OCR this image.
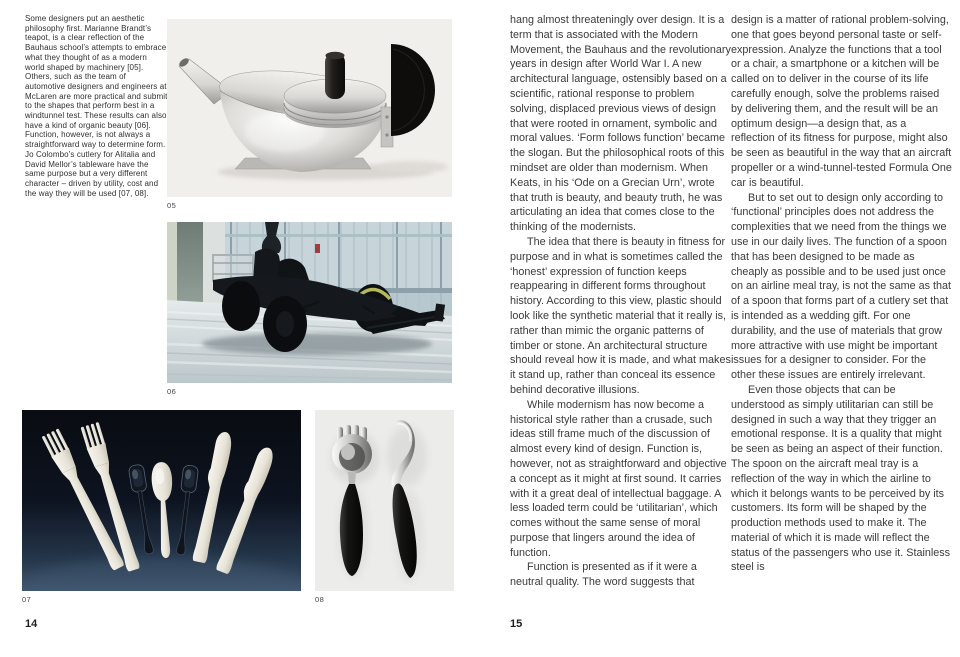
Some designers put an aesthetic philosophy first. Marianne Brandt’s teapot, is a clear reflection of the Bauhaus school’s attempts to embrace what they thought of as a modern world shaped by machinery [05]. Others, such as the team of automotive designers and engineers at McLaren are more practical and submit to the shapes that perform best in a windtunnel test. These results can also have a kind of organic beauty [06]. Function, however, is not always a straightforward way to determine form. Jo Colombo’s cutlery for Alitalia and David Mellor’s tableware have the same purpose but a very different character – driven by utility, cost and the way they will be used [07, 08].
05
06
07	08
14

hang almost threateningly over design. It is a term that is associated with the Modern Movement, the Bauhaus and the revolutionary years in design after World War I. A new architectural language, ostensibly based on a scientific, rational response to problem solving, displaced previous views of design that were rooted in ornament, symbolic and moral values. ‘Form follows function’ became the slogan. But the philosophical roots of this mindset are older than modernism. When Keats, in his ‘Ode on a Grecian Urn’, wrote that truth is beauty, and beauty truth, he was articulating an idea that comes close to the thinking of the modernists.

The idea that there is beauty in fitness for purpose and in what is sometimes called the ‘honest’ expression of function keeps reappearing in different forms throughout history. According to this view, plastic should look like the synthetic material that it really is, rather than mimic the organic patterns of timber or stone. An architectural structure should reveal how it is made, and what makes it stand up, rather than conceal its essence behind decorative illusions.

While modernism has now become a historical style rather than a crusade, such ideas still frame much of the discussion of almost every kind of design. Function is, however, not as straightforward and objective a concept as it might at first sound. It carries with it a great deal of intellectual baggage. A less loaded term could be ‘utilitarian’, which comes without the same sense of moral purpose that lingers around the idea of function.

Function is presented as if it were a neutral quality. The word suggests that

design is a matter of rational problem-solving, one that goes beyond personal taste or self-expression. Analyze the functions that a tool or a chair, a smartphone or a kitchen will be called on to deliver in the course of its life carefully enough, solve the problems raised by delivering them, and the result will be an optimum design—a design that, as a reflection of its fitness for purpose, might also be seen as beautiful in the way that an aircraft propeller or a wind-tunnel-tested Formula One car is beautiful.

But to set out to design only according to ‘functional’ principles does not address the complexities that we need from the things we use in our daily lives. The function of a spoon that has been designed to be made as cheaply as possible and to be used just once on an airline meal tray, is not the same as that of a spoon that forms part of a cutlery set that is intended as a wedding gift. For one durability, and the use of materials that grow more attractive with use might be important issues for a designer to consider. For the other these issues are entirely irrelevant.

Even those objects that can be understood as simply utilitarian can still be designed in such a way that they trigger an emotional response. It is a quality that might be seen as being an aspect of their function. The spoon on the aircraft meal tray is a reflection of the way in which the airline to which it belongs wants to be perceived by its customers. Its form will be shaped by the production methods used to make it. The material of which it is made will reflect the status of the passengers who use it. Stainless steel is

15
